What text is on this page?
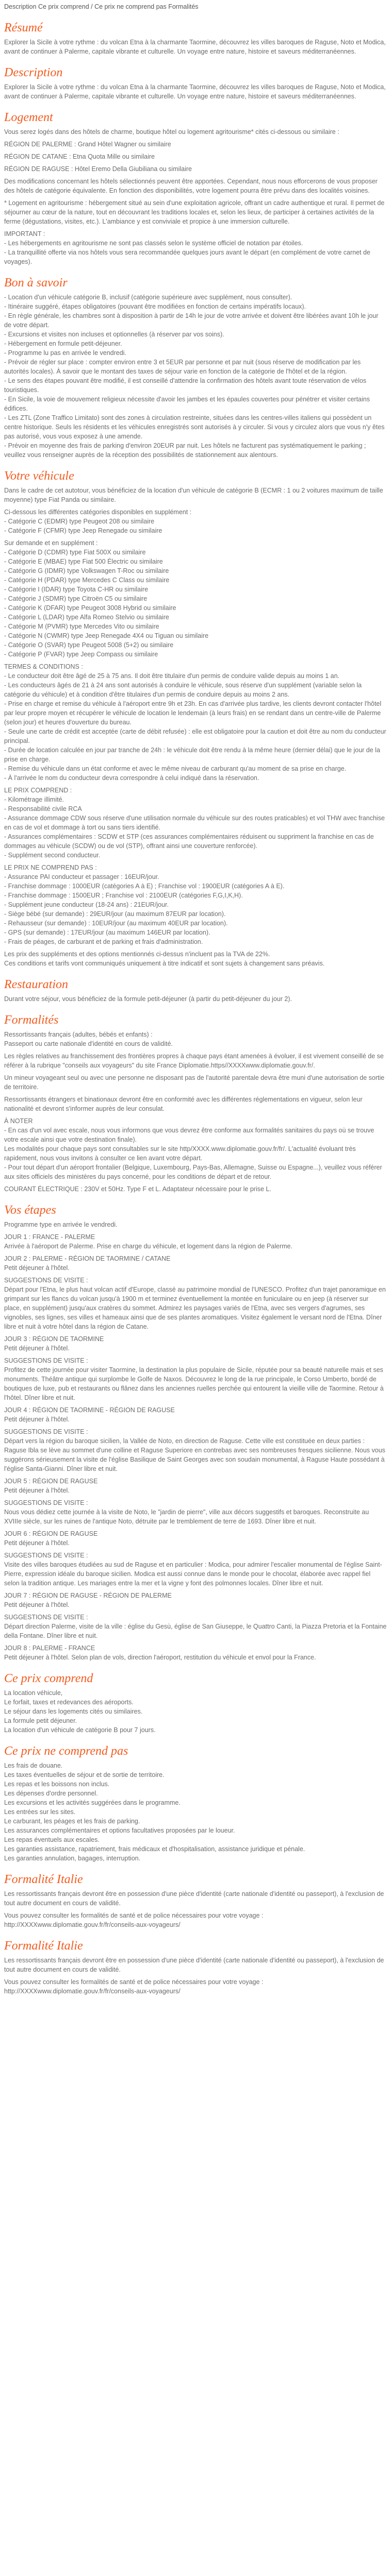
Description Ce prix comprend / Ce prix ne comprend pas Formalités
Résumé

Explorer la Sicile à votre rythme : du volcan Etna à la charmante Taormine, découvrez les villes baroques de Raguse, Noto et Modica, avant de continuer à Palerme, capitale vibrante et culturelle. Un voyage entre nature, histoire et saveurs méditerranéennes.

Description

Explorer la Sicile à votre rythme : du volcan Etna à la charmante Taormine, découvrez les villes baroques de Raguse, Noto et Modica, avant de continuer à Palerme, capitale vibrante et culturelle. Un voyage entre nature, histoire et saveurs méditerranéennes.

Logement

Vous serez logés dans des hôtels de charme, boutique hôtel ou logement agritourisme* cités ci-dessous ou similaire :

RÉGION DE PALERME : Grand Hôtel Wagner ou similaire

RÉGION DE CATANE : Etna Quota Mille ou similaire

RÉGION DE RAGUSE : Hôtel Eremo Della Giubiliana ou similaire

Des modifications concernant les hôtels sélectionnés peuvent être apportées. Cependant, nous nous efforcerons de vous proposer des hôtels de catégorie équivalente. En fonction des disponibilités, votre logement pourra être prévu dans des localités voisines.

* Logement en agritourisme : hébergement situé au sein d'une exploitation agricole, offrant un cadre authentique et rural. Il permet de séjourner au cœur de la nature, tout en découvrant les traditions locales et, selon les lieux, de participer à certaines activités de la ferme (dégustations, visites, etc.). L'ambiance y est conviviale et propice à une immersion culturelle.

IMPORTANT :
- Les hébergements en agritourisme ne sont pas classés selon le système officiel de notation par étoiles.
- La tranquillité offerte via nos hôtels vous sera recommandée quelques jours avant le départ (en complément de votre carnet de voyages).

Bon à savoir

- Location d'un véhicule catégorie B, inclusif (catégorie supérieure avec supplément, nous consulter).
- Itinéraire suggéré, étapes obligatoires (pouvant être modifiées en fonction de certains impératifs locaux).
- En règle générale, les chambres sont à disposition à partir de 14h le jour de votre arrivée et doivent être libérées avant 10h le jour de votre départ.
- Excursions et visites non incluses et optionnelles (à réserver par vos soins).
- Hébergement en formule petit-déjeuner.
- Programme lu pas en arrivée le vendredi.
- Prévoir de régler sur place : compter environ entre 3 et 5EUR par personne et par nuit (sous réserve de modification par les autorités locales). À savoir que le montant des taxes de séjour varie en fonction de la catégorie de l'hôtel et de la région.
- Le sens des étapes pouvant être modifié, il est conseillé d'attendre la confirmation des hôtels avant toute réservation de vélos touristiques.
- En Sicile, la voie de mouvement religieux nécessite d'avoir les jambes et les épaules couvertes pour pénétrer et visiter certains édifices.
- Les ZTL (Zone Traffico Limitato) sont des zones à circulation restreinte, situées dans les centres-villes italiens qui possèdent un centre historique. Seuls les résidents et les véhicules enregistrés sont autorisés à y circuler. Si vous y circulez alors que vous n'y êtes pas autorisé, vous vous exposez à une amende.
- Prévoir en moyenne des frais de parking d'environ 20EUR par nuit. Les hôtels ne facturent pas systématiquement le parking ; veuillez vous renseigner auprès de la réception des possibilités de stationnement aux alentours.

Votre véhicule

Dans le cadre de cet autotour, vous bénéficiez de la location d'un véhicule de catégorie B (ECMR : 1 ou 2 voitures maximum de taille moyenne) type Fiat Panda ou similaire.

Ci-dessous les différentes catégories disponibles en supplément :
- Catégorie C (EDMR) type Peugeot 208 ou similaire
- Catégorie F (CFMR) type Jeep Renegade ou similaire

Sur demande et en supplément :
- Catégorie D (CDMR) type Fiat 500X ou similaire
- Catégorie E (MBAE) type Fiat 500 Électric ou similaire
- Catégorie G (IDMR) type Volkswagen T-Roc ou similaire
- Catégorie H (PDAR) type Mercedes C Class ou similaire
- Catégorie I (IDAR) type Toyota C-HR ou similaire
- Catégorie J (SDMR) type Citroën C5 ou similaire
- Catégorie K (DFAR) type Peugeot 3008 Hybrid ou similaire
- Catégorie L (LDAR) type Alfa Romeo Stelvio ou similaire
- Catégorie M (PVMR) type Mercedes Vito ou similaire
- Catégorie N (CWMR) type Jeep Renegade 4X4 ou Tiguan ou similaire
- Catégorie O (SVAR) type Peugeot 5008 (5+2) ou similaire
- Catégorie P (FVAR) type Jeep Compass ou similaire

TERMES & CONDITIONS :
- Le conducteur doit être âgé de 25 à 75 ans. Il doit être titulaire d'un permis de conduire valide depuis au moins 1 an.
- Les conducteurs âgés de 21 à 24 ans sont autorisés à conduire le véhicule, sous réserve d'un supplément (variable selon la catégorie du véhicule) et à condition d'être titulaires d'un permis de conduire depuis au moins 2 ans.
- Prise en charge et remise du véhicule à l'aéroport entre 9h et 23h. En cas d'arrivée plus tardive, les clients devront contacter l'hôtel par leur propre moyen et récupérer le véhicule de location le lendemain (à leurs frais) en se rendant dans un centre-ville de Palerme (selon jour) et heures d'ouverture du bureau.
- Seule une carte de crédit est acceptée (carte de débit refusée) : elle est obligatoire pour la caution et doit être au nom du conducteur principal.
- Durée de location calculée en jour par tranche de 24h : le véhicule doit être rendu à la même heure (dernier délai) que le jour de la prise en charge.
- Remise du véhicule dans un état conforme et avec le même niveau de carburant qu'au moment de sa prise en charge.
- À l'arrivée le nom du conducteur devra correspondre à celui indiqué dans la réservation.

LE PRIX COMPREND :
- Kilométrage illimité.
- Responsabilité civile RCA
- Assurance dommage CDW sous réserve d'une utilisation normale du véhicule sur des routes praticables) et vol THW avec franchise en cas de vol et dommage à tort ou sans tiers identifié.
- Assurances complémentaires : SCDW et STP (ces assurances complémentaires réduisent ou suppriment la franchise en cas de dommages au véhicule (SCDW) ou de vol (STP), offrant ainsi une couverture renforcée).
- Supplément second conducteur.

LE PRIX NE COMPREND PAS :
- Assurance PAI conducteur et passager : 16EUR/jour.
- Franchise dommage : 1000EUR (catégories A à E) ; Franchise vol : 1900EUR (catégories A à E).
- Franchise dommage : 1500EUR ; Franchise vol : 2100EUR (catégories F,G,I,K,H).
- Supplément jeune conducteur (18-24 ans) : 21EUR/jour.
- Siège bébé (sur demande) : 29EUR/jour (au maximum 87EUR par location).
- Rehausseur (sur demande) : 10EUR/jour (au maximum 40EUR par location).
- GPS (sur demande) : 17EUR/jour (au maximum 146EUR par location).
- Frais de péages, de carburant et de parking et frais d'administration.

Les prix des suppléments et des options mentionnés ci-dessus n'incluent pas la TVA de 22%.
Ces conditions et tarifs vont communiqués uniquement à titre indicatif et sont sujets à changement sans préavis.

Restauration

Durant votre séjour, vous bénéficiez de la formule petit-déjeuner (à partir du petit-déjeuner du jour 2).

Formalités

Ressortissants français (adultes, bébés et enfants) :
Passeport ou carte nationale d'identité en cours de validité.

Les règles relatives au franchissement des frontières propres à chaque pays étant amenées à évoluer, il est vivement conseillé de se référer à la rubrique "conseils aux voyageurs" du site France Diplomatie.https//XXXXwww.diplomatie.gouv.fr/.

Un mineur voyageant seul ou avec une personne ne disposant pas de l'autorité parentale devra être muni d'une autorisation de sortie de territoire.

Ressortissants étrangers et binationaux devront être en conformité avec les différentes réglementations en vigueur, selon leur nationalité et devront s'informer auprès de leur consulat.

À NOTER
- En cas d'un vol avec escale, nous vous informons que vous devrez être conforme aux formalités sanitaires du pays où se trouve votre escale ainsi que votre destination finale).
Les modalités pour chaque pays sont consultables sur le site http/XXXX.www.diplomatie.gouv.fr/fr/. L'actualité évoluant très rapidement, nous vous invitons à consulter ce lien avant votre départ.
- Pour tout départ d'un aéroport frontalier (Belgique, Luxembourg, Pays-Bas, Allemagne, Suisse ou Espagne...), veuillez vous référer aux sites officiels des ministères du pays concerné, pour les conditions de départ et de retour.

COURANT ÉLECTRIQUE : 230V et 50Hz. Type F et L. Adaptateur nécessaire pour le prise L.

Vos étapes

Programme type en arrivée le vendredi.

JOUR 1 : FRANCE - PALERME
Arrivée à l'aéroport de Palerme. Prise en charge du véhicule, et logement dans la région de Palerme.

JOUR 2 : PALERME - RÉGION DE TAORMINE / CATANE
Petit déjeuner à l'hôtel.

SUGGESTIONS DE VISITE :
Départ pour l'Etna, le plus haut volcan actif d'Europe, classé au patrimoine mondial de l'UNESCO. Profitez d'un trajet panoramique en grimpant sur les flancs du volcan jusqu'à 1900 m et terminez éventuellement la montée en funiculaire ou en jeep (à réserver sur place, en supplément) jusqu'aux cratères du sommet. Admirez les paysages variés de l'Etna, avec ses vergers d'agrumes, ses vignobles, ses lignes, ses villes et hameaux ainsi que de ses plantes aromatiques. Visitez également le versant nord de l'Etna. Dîner libre et nuit à votre hôtel dans la région de Catane.

JOUR 3 : RÉGION DE TAORMINE
Petit déjeuner à l'hôtel.

SUGGESTIONS DE VISITE :
Profitez de cette journée pour visiter Taormine, la destination la plus populaire de Sicile, réputée pour sa beauté naturelle mais et ses monuments. Théâtre antique qui surplombe le Golfe de Naxos. Découvrez le long de la rue principale, le Corso Umberto, bordé de boutiques de luxe, pub et restaurants ou flânez dans les anciennes ruelles perchée qui entourent la vieille ville de Taormine. Retour à l'hôtel. Dîner libre et nuit.

JOUR 4 : RÉGION DE TAORMINE - RÉGION DE RAGUSE
Petit déjeuner à l'hôtel.

SUGGESTIONS DE VISITE :
Départ vers la région du baroque sicilien, la Vallée de Noto, en direction de Raguse. Cette ville est constituée en deux parties : Raguse Ibla se lève au sommet d'une colline et Raguse Superiore en contrebas avec ses nombreuses fresques sicilienne. Nous vous suggérons sérieusement la visite de l'église Basilique de Saint Georges avec son soudain monumental, à Raguse Haute possédant à l'église Santa-Gianni. Dîner libre et nuit.

JOUR 5 : RÉGION DE RAGUSE
Petit déjeuner à l'hôtel.

SUGGESTIONS DE VISITE :
Nous vous dédiez cette journée à la visite de Noto, le "jardin de pierre", ville aux décors suggestifs et baroques. Reconstruite au XVIIIe siècle, sur les ruines de l'antique Noto, détruite par le tremblement de terre de 1693. Dîner libre et nuit.

JOUR 6 : RÉGION DE RAGUSE
Petit déjeuner à l'hôtel.

SUGGESTIONS DE VISITE :
Visite des villes baroques étudiées au sud de Raguse et en particulier : Modica, pour admirer l'escalier monumental de l'église Saint-Pierre, expression idéale du baroque sicilien. Modica est aussi connue dans le monde pour le chocolat, élaborée avec rappel fiel selon la tradition antique. Les mariages entre la mer et la vigne y font des polmonnes locales. Dîner libre et nuit.

JOUR 7 : RÉGION DE RAGUSE - RÉGION DE PALERME
Petit déjeuner à l'hôtel.

SUGGESTIONS DE VISITE :
Départ direction Palerme, visite de la ville : église du Gesù, église de San Giuseppe, le Quattro Canti, la Piazza Pretoria et la Fontaine della Fontane. Dîner libre et nuit.

JOUR 8 : PALERME - FRANCE
Petit déjeuner à l'hôtel. Selon plan de vols, direction l'aéroport, restitution du véhicule et envol pour la France.

Ce prix comprend

La location véhicule,
Le forfait, taxes et redevances des aéroports.
Le séjour dans les logements cités ou similaires.
La formule petit déjeuner.
La location d'un véhicule de catégorie B pour 7 jours.

Ce prix ne comprend pas

Les frais de douane.
Les taxes éventuelles de séjour et de sortie de territoire.
Les repas et les boissons non inclus.
Les dépenses d'ordre personnel.
Les excursions et les activités suggérées dans le programme.
Les entrées sur les sites.
Le carburant, les péages et les frais de parking.
Les assurances complémentaires et options facultatives proposées par le loueur.
Les repas éventuels aux escales.
Les garanties assistance, rapatriement, frais médicaux et d'hospitalisation, assistance juridique et pénale.
Les garanties annulation, bagages, interruption.

Formalité Italie

Les ressortissants français devront être en possession d'une pièce d'identité (carte nationale d'identité ou passeport), à l'exclusion de tout autre document en cours de validité.

Vous pouvez consulter les formalités de santé et de police nécessaires pour votre voyage :
http://XXXXwww.diplomatie.gouv.fr/fr/conseils-aux-voyageurs/

Formalité Italie

Les ressortissants français devront être en possession d'une pièce d'identité (carte nationale d'identité ou passeport), à l'exclusion de tout autre document en cours de validité.

Vous pouvez consulter les formalités de santé et de police nécessaires pour votre voyage :
http://XXXXwww.diplomatie.gouv.fr/fr/conseils-aux-voyageurs/
